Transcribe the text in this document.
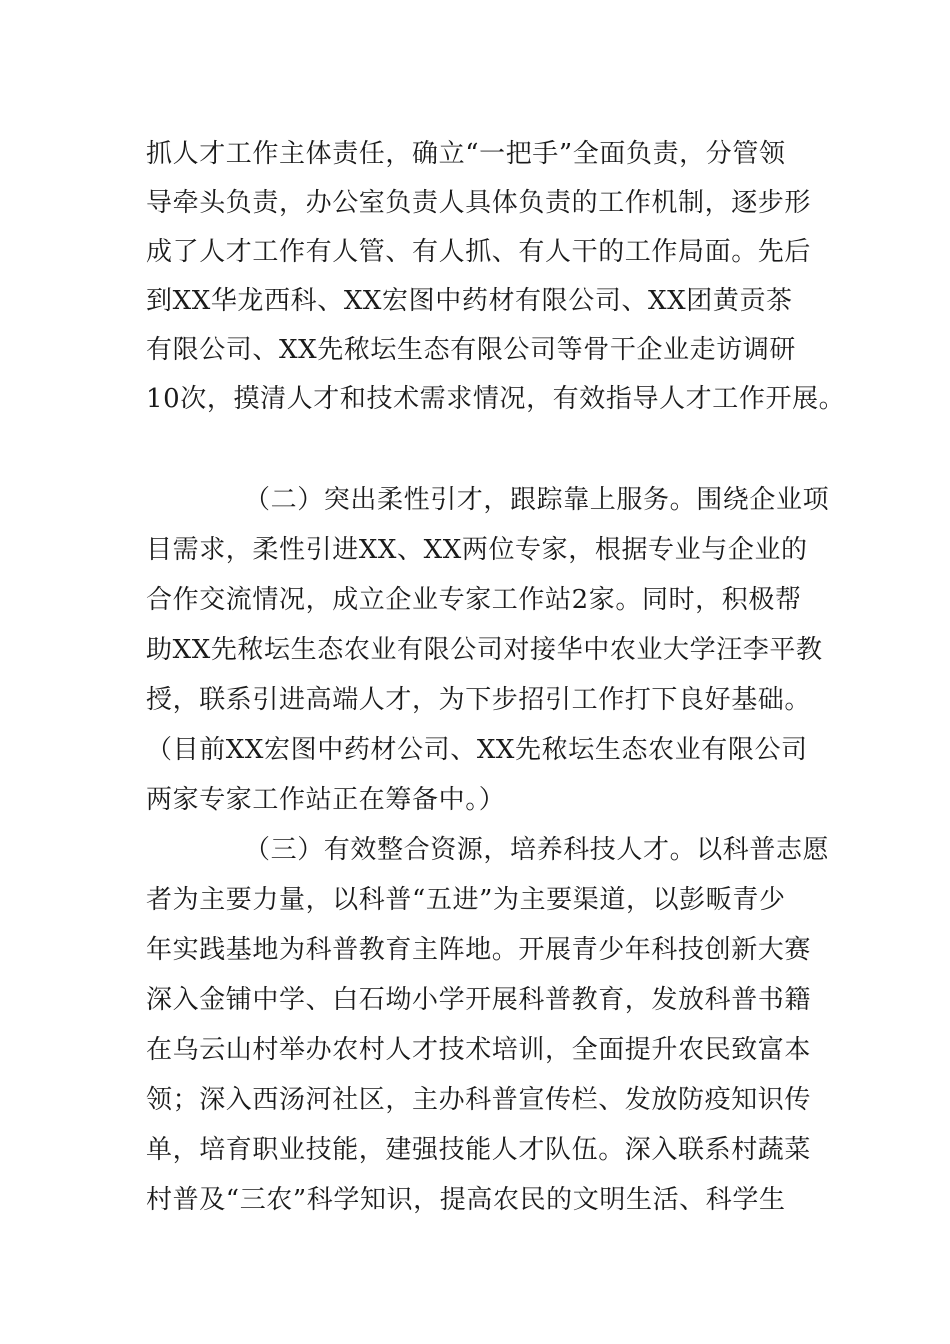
抓人才工作主体责任，确立“一把手”全面负责，分管领
导牵头负责，办公室负责人具体负责的工作机制，逐步形
成了人才工作有人管、有人抓、有人干的工作局面。先后
到XX华龙西科、XX宏图中药材有限公司、XX团黄贡茶
有限公司、XX先秾坛生态有限公司等骨干企业走访调研
10次，摸清人才和技术需求情况，有效指导人才工作开展。
（二）突出柔性引才，跟踪靠上服务。围绕企业项
目需求，柔性引进XX、XX两位专家，根据专业与企业的
合作交流情况，成立企业专家工作站2家。同时，积极帮
助XX先秾坛生态农业有限公司对接华中农业大学汪李平教
授，联系引进高端人才，为下步招引工作打下良好基础。
（目前XX宏图中药材公司、XX先秾坛生态农业有限公司
两家专家工作站正在筹备中。）
（三）有效整合资源，培养科技人才。以科普志愿
者为主要力量，以科普“五进”为主要渠道，以彭畈青少
年实践基地为科普教育主阵地。开展青少年科技创新大赛
深入金铺中学、白石坳小学开展科普教育，发放科普书籍
在乌云山村举办农村人才技术培训，全面提升农民致富本
领；深入西汤河社区，主办科普宣传栏、发放防疫知识传
单，培育职业技能，建强技能人才队伍。深入联系村蔬菜
村普及“三农”科学知识，提高农民的文明生活、科学生
